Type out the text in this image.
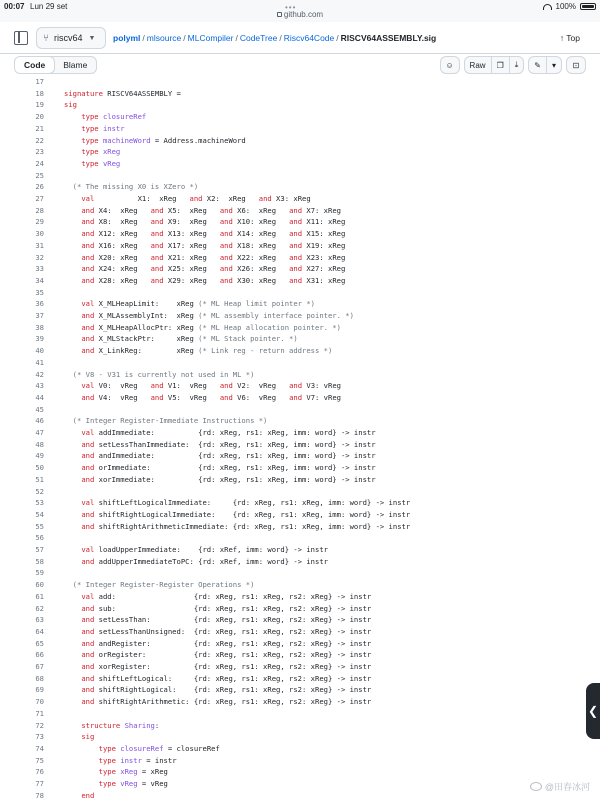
00:07 Lun 29 set	•••
github.com
100%
⑂ riscv64 ▼ polyml / mlsource / MLCompiler / CodeTree / Riscv64Code / RISCV64ASSEMBLY.sig	↑ Top
Code	Blame	☺	Raw	❐	⤓	✎	▾	⊡
17
18	signature RISCV64ASSEMBLY =
19	sig
20	type closureRef
21	type instr
22	type machineWord = Address.machineWord
23	type xReg
24	type vReg
25
26	(* The missing X0 is XZero *)
27	val          X1:  xReg   and X2:  xReg   and X3: xReg
28	and X4:  xReg   and X5:  xReg   and X6:  xReg   and X7: xReg
29	and X8:  xReg   and X9:  xReg   and X10: xReg   and X11: xReg
30	and X12: xReg   and X13: xReg   and X14: xReg   and X15: xReg
31	and X16: xReg   and X17: xReg   and X18: xReg   and X19: xReg
32	and X20: xReg   and X21: xReg   and X22: xReg   and X23: xReg
33	and X24: xReg   and X25: xReg   and X26: xReg   and X27: xReg
34	and X28: xReg   and X29: xReg   and X30: xReg   and X31: xReg
35
36	val X_MLHeapLimit:    xReg (* ML Heap limit pointer *)
37	and X_MLAssemblyInt:  xReg (* ML assembly interface pointer. *)
38	and X_MLHeapAllocPtr: xReg (* ML Heap allocation pointer. *)
39	and X_MLStackPtr:     xReg (* ML Stack pointer. *)
40	and X_LinkReg:        xReg (* Link reg - return address *)
41
42	(* V8 - V31 is currently not used in ML *)
43	val V0:  vReg   and V1:  vReg   and V2:  vReg   and V3: vReg
44	and V4:  vReg   and V5:  vReg   and V6:  vReg   and V7: vReg
45
46	(* Integer Register-Immediate Instructions *)
47	val addImmediate:          {rd: xReg, rs1: xReg, imm: word} -> instr
48	and setLessThanImmediate:  {rd: xReg, rs1: xReg, imm: word} -> instr
49	and andImmediate:          {rd: xReg, rs1: xReg, imm: word} -> instr
50	and orImmediate:           {rd: xReg, rs1: xReg, imm: word} -> instr
51	and xorImmediate:          {rd: xReg, rs1: xReg, imm: word} -> instr
52
53	val shiftLeftLogicalImmediate:     {rd: xReg, rs1: xReg, imm: word} -> instr
54	and shiftRightLogicalImmediate:    {rd: xReg, rs1: xReg, imm: word} -> instr
55	and shiftRightArithmeticImmediate: {rd: xReg, rs1: xReg, imm: word} -> instr
56
57	val loadUpperImmediate:    {rd: xRef, imm: word} -> instr
58	and addUpperImmediateToPC: {rd: xRef, imm: word} -> instr
59
60	(* Integer Register-Register Operations *)
61	val add:                  {rd: xReg, rs1: xReg, rs2: xReg} -> instr
62	and sub:                  {rd: xReg, rs1: xReg, rs2: xReg} -> instr
63	and setLessThan:          {rd: xReg, rs1: xReg, rs2: xReg} -> instr
64	and setLessThanUnsigned:  {rd: xReg, rs1: xReg, rs2: xReg} -> instr
65	and andRegister:          {rd: xReg, rs1: xReg, rs2: xReg} -> instr
66	and orRegister:           {rd: xReg, rs1: xReg, rs2: xReg} -> instr
67	and xorRegister:          {rd: xReg, rs1: xReg, rs2: xReg} -> instr
68	and shiftLeftLogical:     {rd: xReg, rs1: xReg, rs2: xReg} -> instr
69	and shiftRightLogical:    {rd: xReg, rs1: xReg, rs2: xReg} -> instr
70	and shiftRightArithmetic: {rd: xReg, rs1: xReg, rs2: xReg} -> instr
71
72	structure Sharing:
73	sig
74	type closureRef = closureRef
75	type instr = instr
76	type xReg = xReg
77	type vReg = vReg
78	end
❮
@田春冰河
